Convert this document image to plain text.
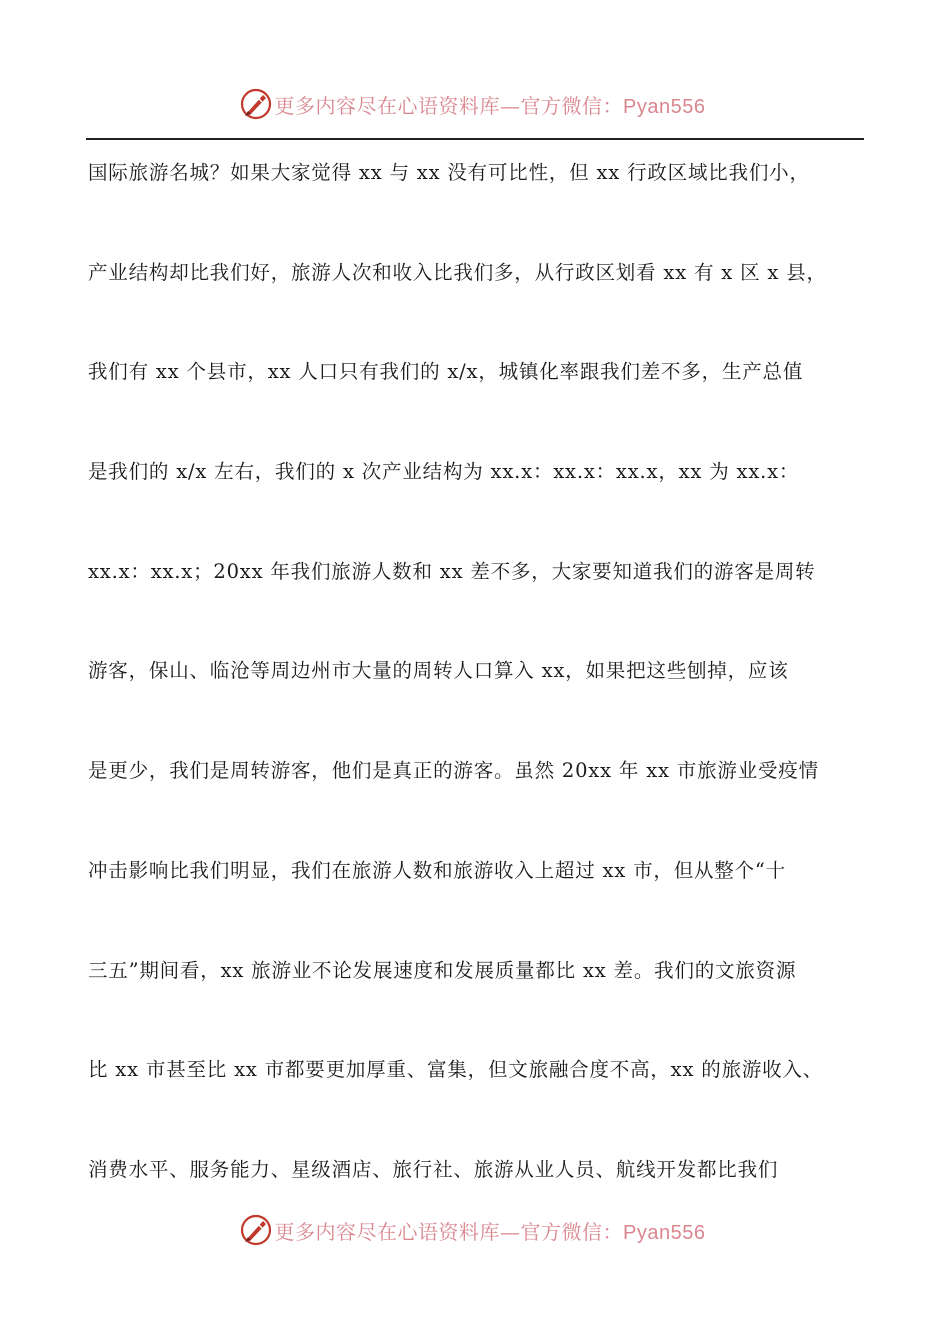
更多内容尽在心语资料库—官方微信：Pyan556
国际旅游名城？如果大家觉得 xx 与 xx 没有可比性，但 xx 行政区域比我们小，
产业结构却比我们好，旅游人次和收入比我们多，从行政区划看 xx 有 x 区 x 县，
我们有 xx 个县市，xx 人口只有我们的 x/x，城镇化率跟我们差不多，生产总值
是我们的 x/x 左右，我们的 x 次产业结构为 xx.x：xx.x：xx.x，xx 为 xx.x：
xx.x：xx.x；20xx 年我们旅游人数和 xx 差不多，大家要知道我们的游客是周转
游客，保山、临沧等周边州市大量的周转人口算入 xx，如果把这些刨掉，应该
是更少，我们是周转游客，他们是真正的游客。虽然 20xx 年 xx 市旅游业受疫情
冲击影响比我们明显，我们在旅游人数和旅游收入上超过 xx 市，但从整个“十
三五”期间看，xx 旅游业不论发展速度和发展质量都比 xx 差。我们的文旅资源
比 xx 市甚至比 xx 市都要更加厚重、富集，但文旅融合度不高，xx 的旅游收入、
消费水平、服务能力、星级酒店、旅行社、旅游从业人员、航线开发都比我们
更多内容尽在心语资料库—官方微信：Pyan556
